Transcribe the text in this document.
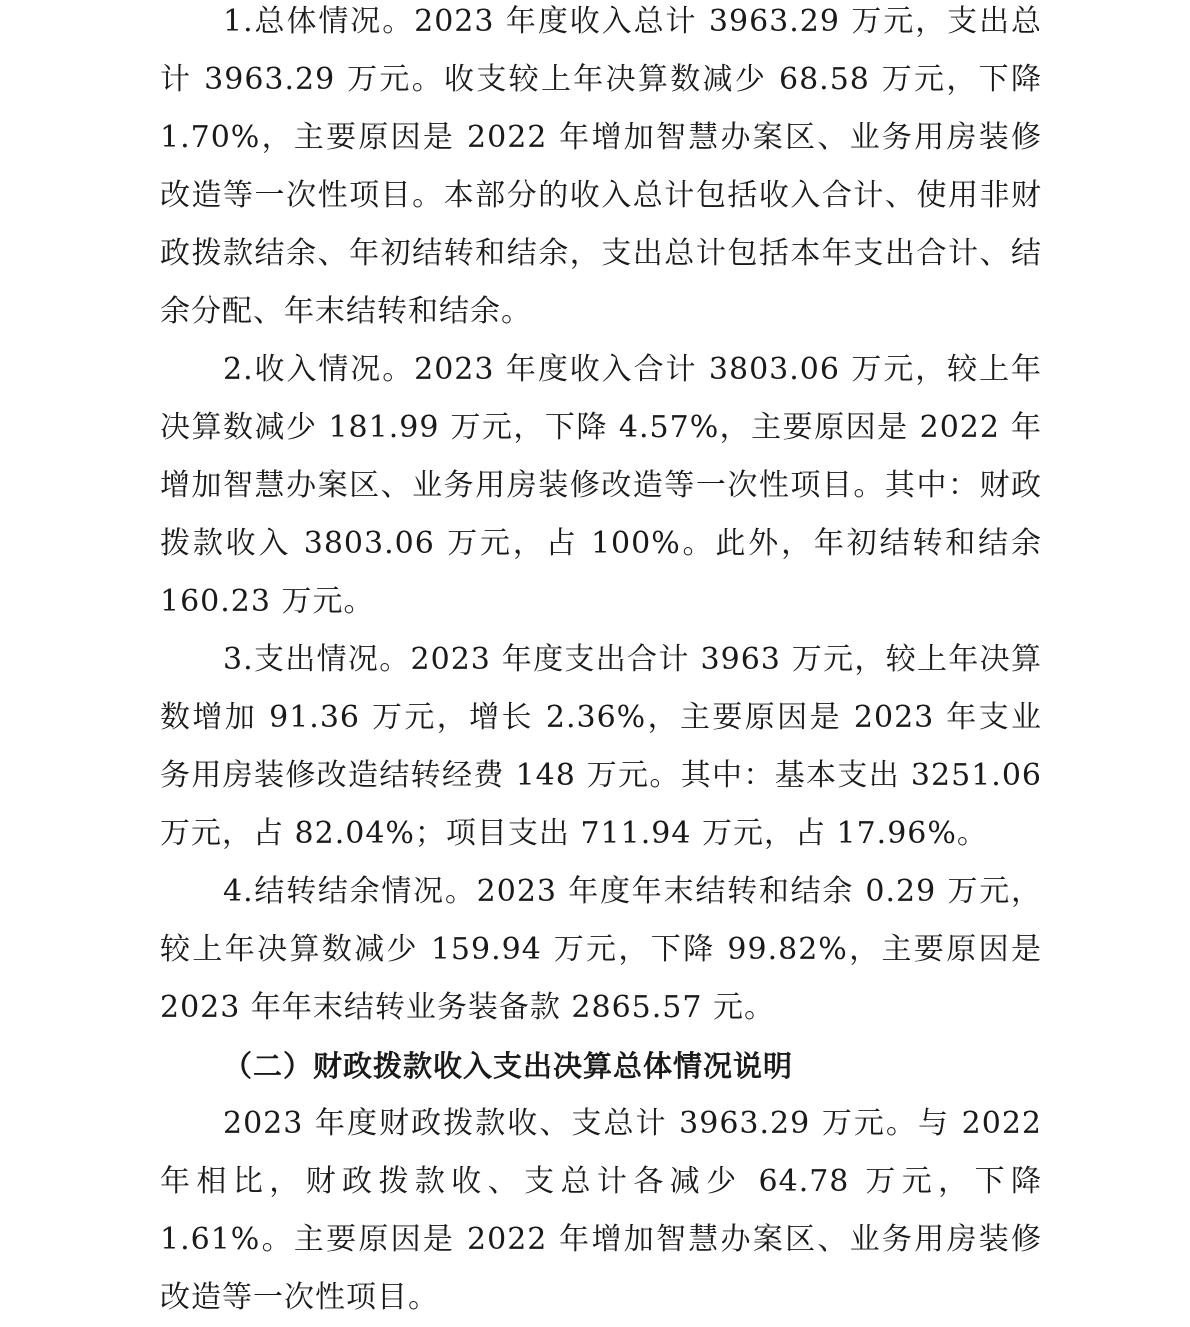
1.总体情况。2023 年度收入总计 3963.29 万元，支出总计 3963.29 万元。收支较上年决算数减少 68.58 万元，下降 1.70%，主要原因是 2022 年增加智慧办案区、业务用房装修改造等一次性项目。本部分的收入总计包括收入合计、使用非财政拨款结余、年初结转和结余，支出总计包括本年支出合计、结余分配、年末结转和结余。

2.收入情况。2023 年度收入合计 3803.06 万元，较上年决算数减少 181.99 万元，下降 4.57%，主要原因是 2022 年增加智慧办案区、业务用房装修改造等一次性项目。其中：财政拨款收入 3803.06 万元，占 100%。此外，年初结转和结余 160.23 万元。

3.支出情况。2023 年度支出合计 3963 万元，较上年决算数增加 91.36 万元，增长 2.36%，主要原因是 2023 年支业务用房装修改造结转经费 148 万元。其中：基本支出 3251.06 万元，占 82.04%；项目支出 711.94 万元，占 17.96%。

4.结转结余情况。2023 年度年末结转和结余 0.29 万元，较上年决算数减少 159.94 万元，下降 99.82%，主要原因是 2023 年年末结转业务装备款 2865.57 元。

（二）财政拨款收入支出决算总体情况说明

2023 年度财政拨款收、支总计 3963.29 万元。与 2022 年相比，财政拨款收、支总计各减少 64.78 万元，下降 1.61%。主要原因是 2022 年增加智慧办案区、业务用房装修改造等一次性项目。
